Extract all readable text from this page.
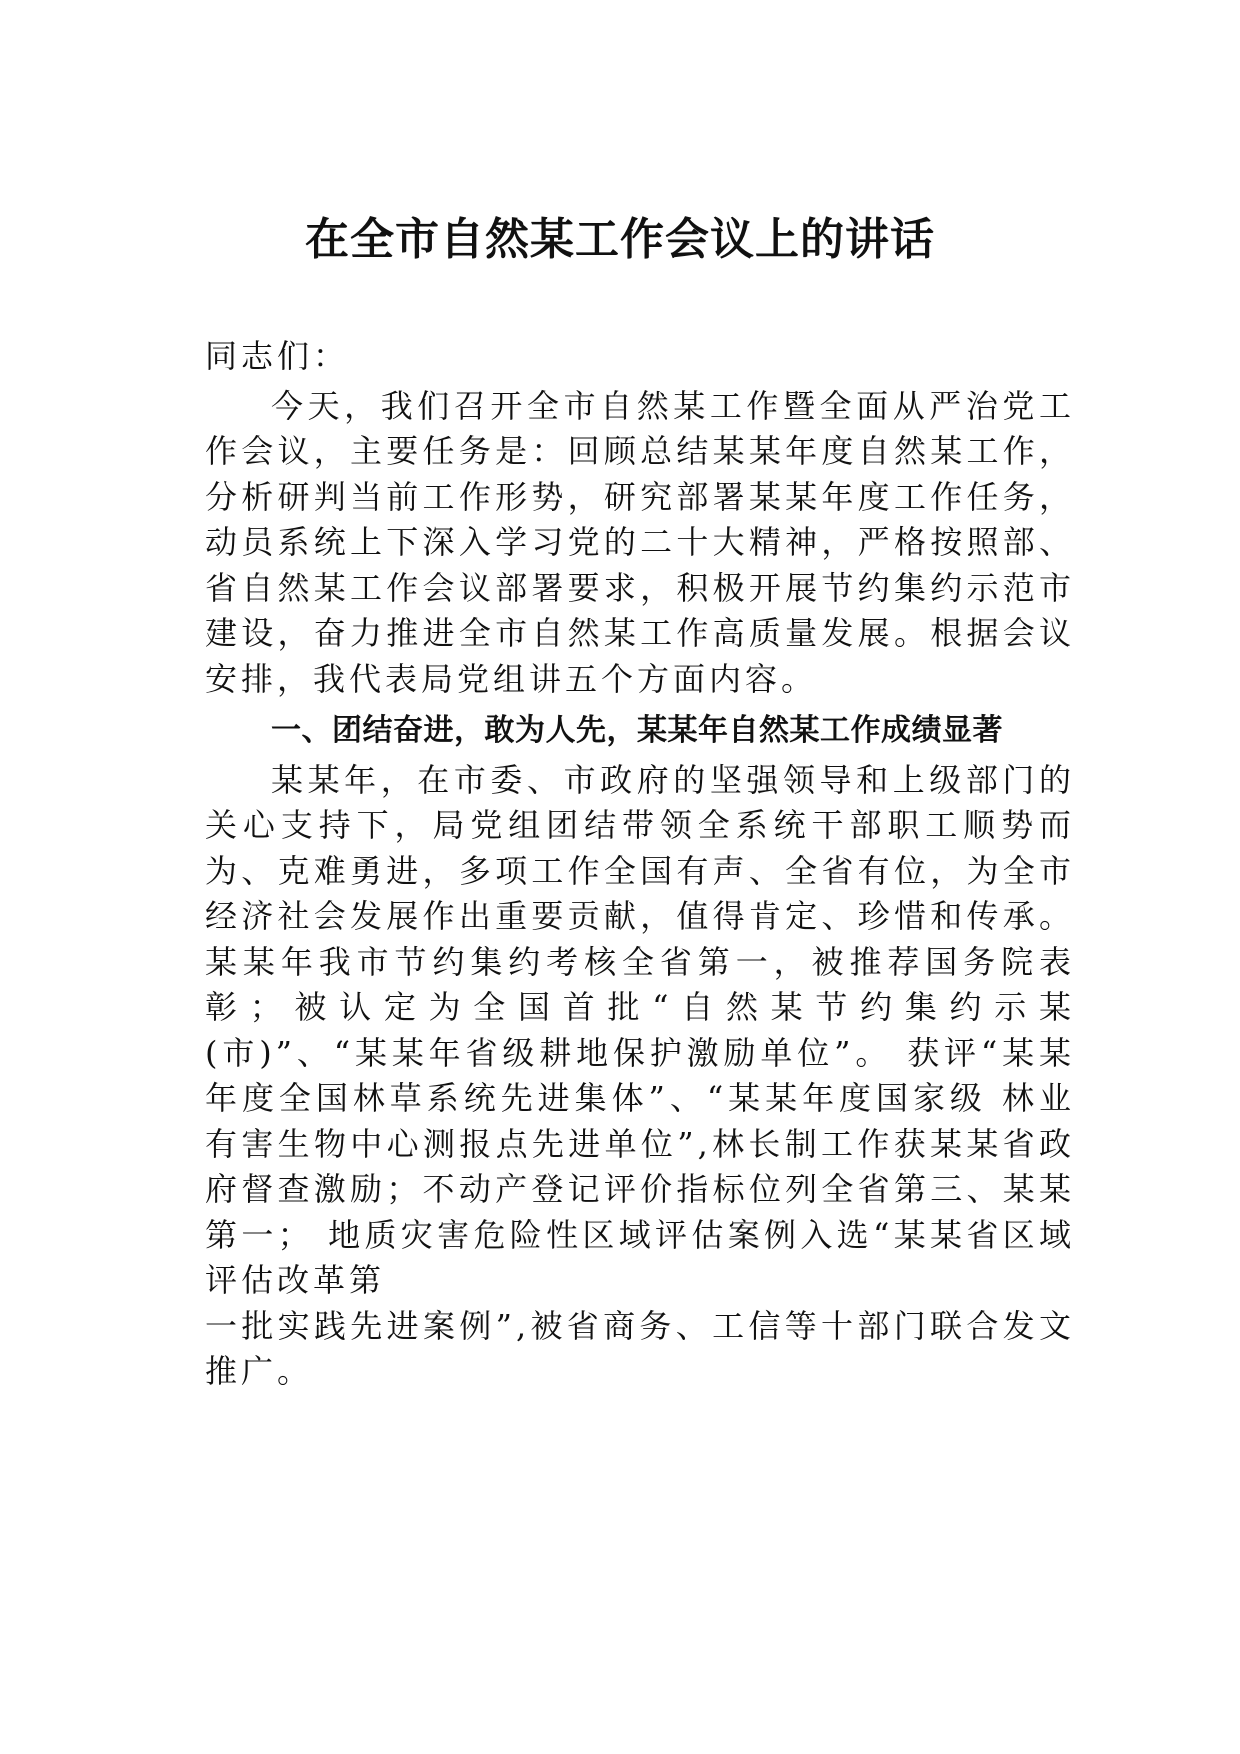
在全市自然某工作会议上的讲话

同志们：

今天，我们召开全市自然某工作暨全面从严治党工作会议，主要任务是：回顾总结某某年度自然某工作，分析研判当前工作形势，研究部署某某年度工作任务，动员系统上下深入学习党的二十大精神，严格按照部、省自然某工作会议部署要求，积极开展节约集约示范市建设，奋力推进全市自然某工作高质量发展。根据会议安排，我代表局党组讲五个方面内容。

一、团结奋进，敢为人先，某某年自然某工作成绩显著

某某年，在市委、市政府的坚强领导和上级部门的关心支持下，局党组团结带领全系统干部职工顺势而为、克难勇进，多项工作全国有声、全省有位，为全市经济社会发展作出重要贡献，值得肯定、珍惜和传承。某某年我市节约集约考核全省第一，被推荐国务院表彰；被认定为全国首批“自然某节约集约示某(市)”、“某某年省级耕地保护激励单位”。 获评“某某年度全国林草系统先进集体”、“某某年度国家级 林业有害生物中心测报点先进单位”,林长制工作获某某省政 府督查激励；不动产登记评价指标位列全省第三、某某第一； 地质灾害危险性区域评估案例入选“某某省区域评估改革第

一批实践先进案例”,被省商务、工信等十部门联合发文推广。
